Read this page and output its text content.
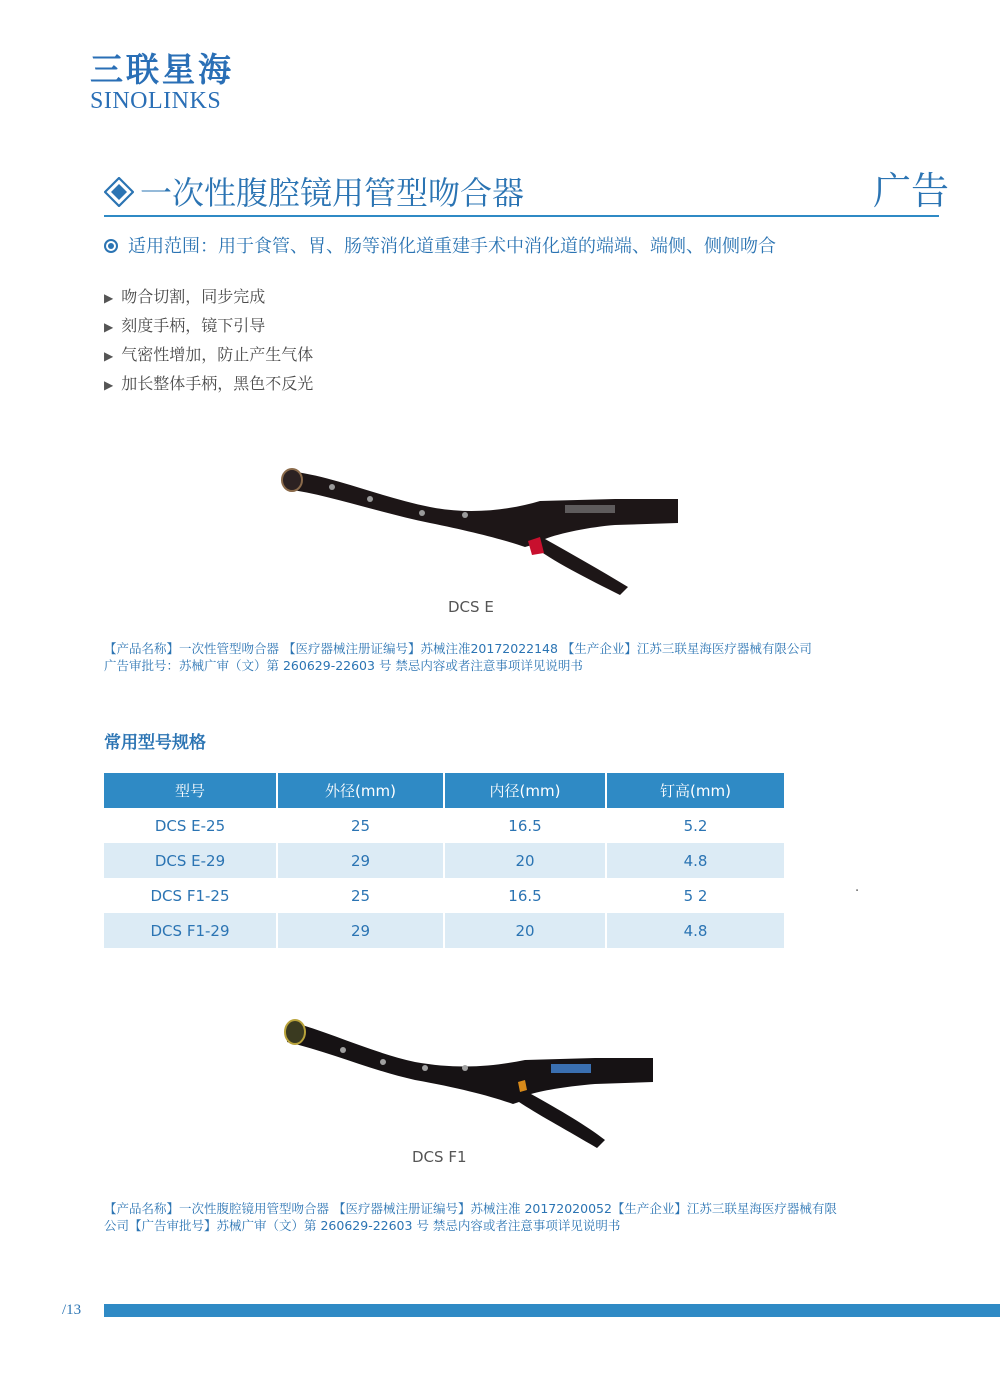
三联星海
SINOLINKS
一次性腹腔镜用管型吻合器	广告
适用范围：用于食管、胃、肠等消化道重建手术中消化道的端端、端侧、侧侧吻合
▶ 吻合切割，同步完成
▶ 刻度手柄，镜下引导
▶ 气密性增加，防止产生气体
▶ 加长整体手柄，黑色不反光
DCS E
【产品名称】一次性管型吻合器 【医疗器械注册证编号】苏械注准20172022148 【生产企业】江苏三联星海医疗器械有限公司
广告审批号：苏械广审（文）第 260629-22603 号 禁忌内容或者注意事项详见说明书
常用型号规格
型号	外径(mm)	内径(mm)	钉高(mm)
DCS E-25	25	16.5	5.2
DCS E-29	29	20	4.8
DCS F1-25	25	16.5	5 2
DCS F1-29	29	20	4.8
.
DCS F1
【产品名称】一次性腹腔镜用管型吻合器 【医疗器械注册证编号】苏械注准 20172020052【生产企业】江苏三联星海医疗器械有限
公司【广告审批号】苏械广审（文）第 260629-22603 号 禁忌内容或者注意事项详见说明书
/13
